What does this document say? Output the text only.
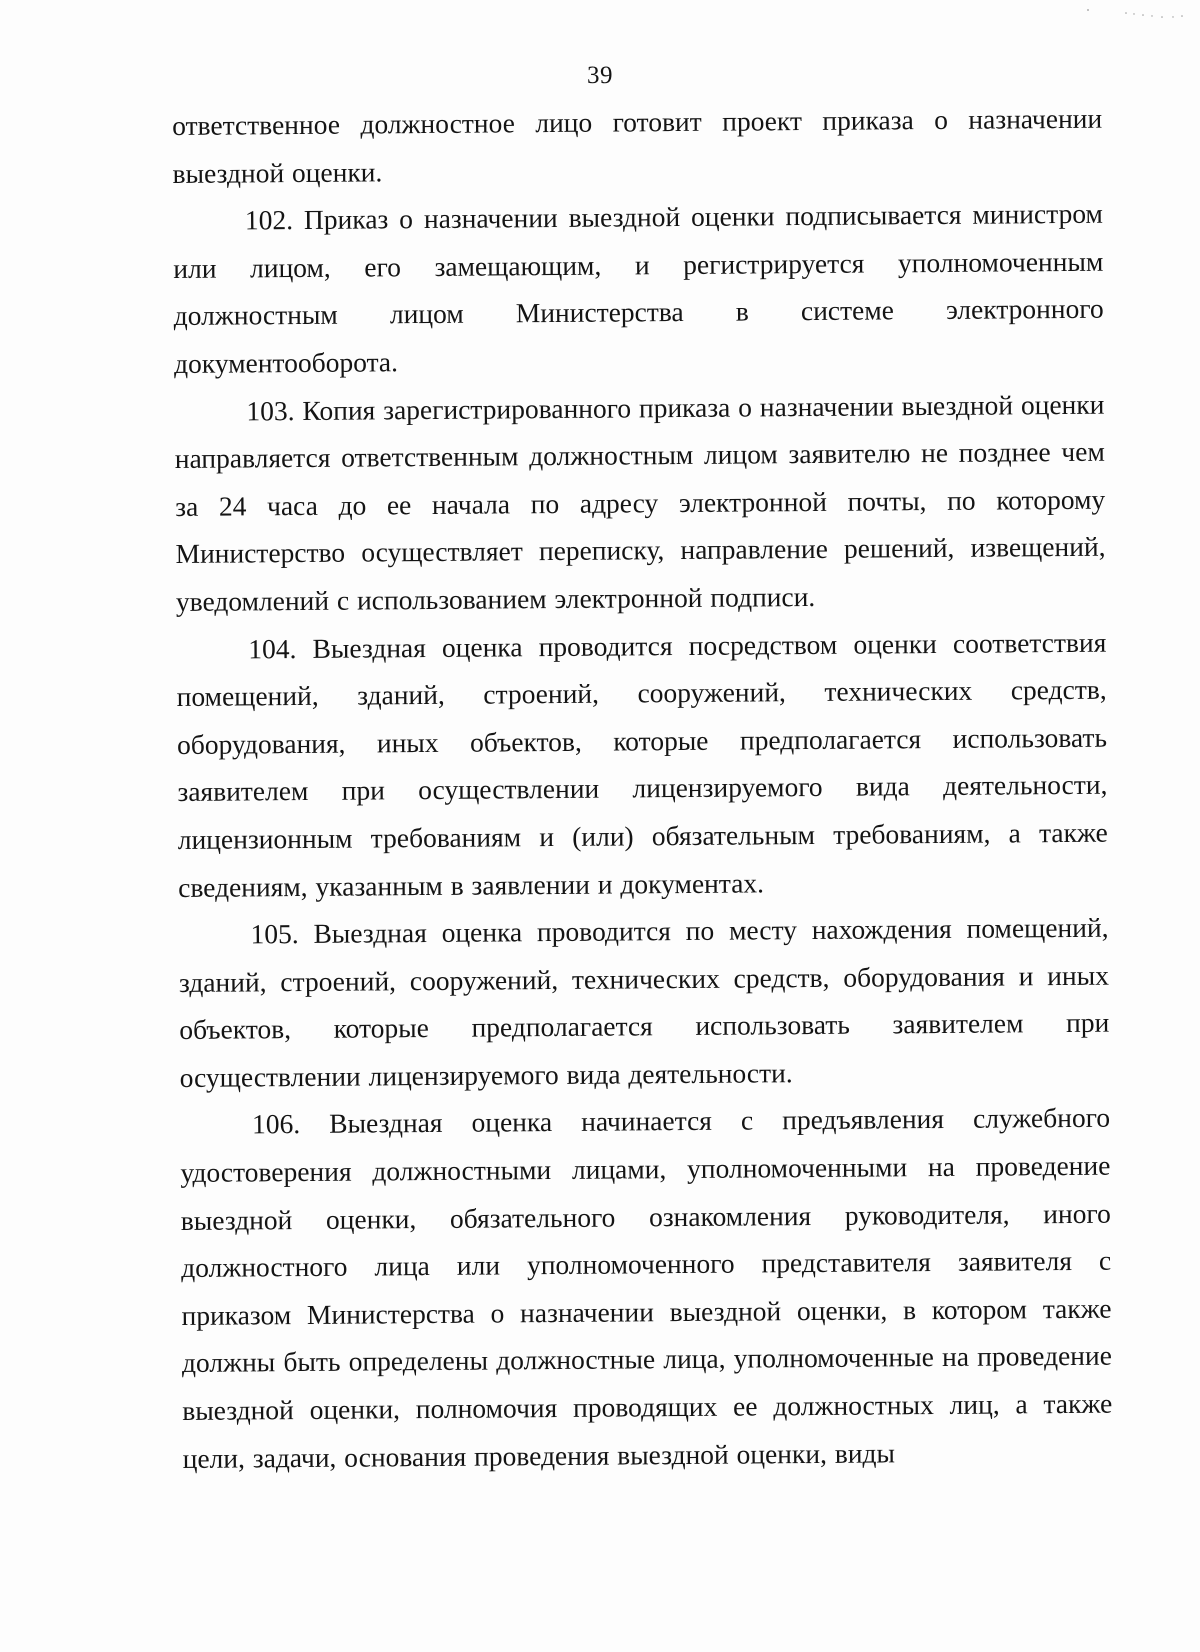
39

ответственное должностное лицо готовит проект приказа о назначении выездной оценки.

102. Приказ о назначении выездной оценки подписывается министром или лицом, его замещающим, и регистрируется уполномоченным должностным лицом Министерства в системе электронного документооборота.

103. Копия зарегистрированного приказа о назначении выездной оценки направляется ответственным должностным лицом заявителю не позднее чем за 24 часа до ее начала по адресу электронной почты, по которому Министерство осуществляет переписку, направление решений, извещений, уведомлений с использованием электронной подписи.

104. Выездная оценка проводится посредством оценки соответствия помещений, зданий, строений, сооружений, технических средств, оборудования, иных объектов, которые предполагается использовать заявителем при осуществлении лицензируемого вида деятельности, лицензионным требованиям и (или) обязательным требованиям, а также сведениям, указанным в заявлении и документах.

105. Выездная оценка проводится по месту нахождения помещений, зданий, строений, сооружений, технических средств, оборудования и иных объектов, которые предполагается использовать заявителем при осуществлении лицензируемого вида деятельности.

106. Выездная оценка начинается с предъявления служебного удостоверения должностными лицами, уполномоченными на проведение выездной оценки, обязательного ознакомления руководителя, иного должностного лица или уполномоченного представителя заявителя с приказом Министерства о назначении выездной оценки, в котором также должны быть определены должностные лица, уполномоченные на проведение выездной оценки, полномочия проводящих ее должностных лиц, а также цели, задачи, основания проведения выездной оценки, виды
